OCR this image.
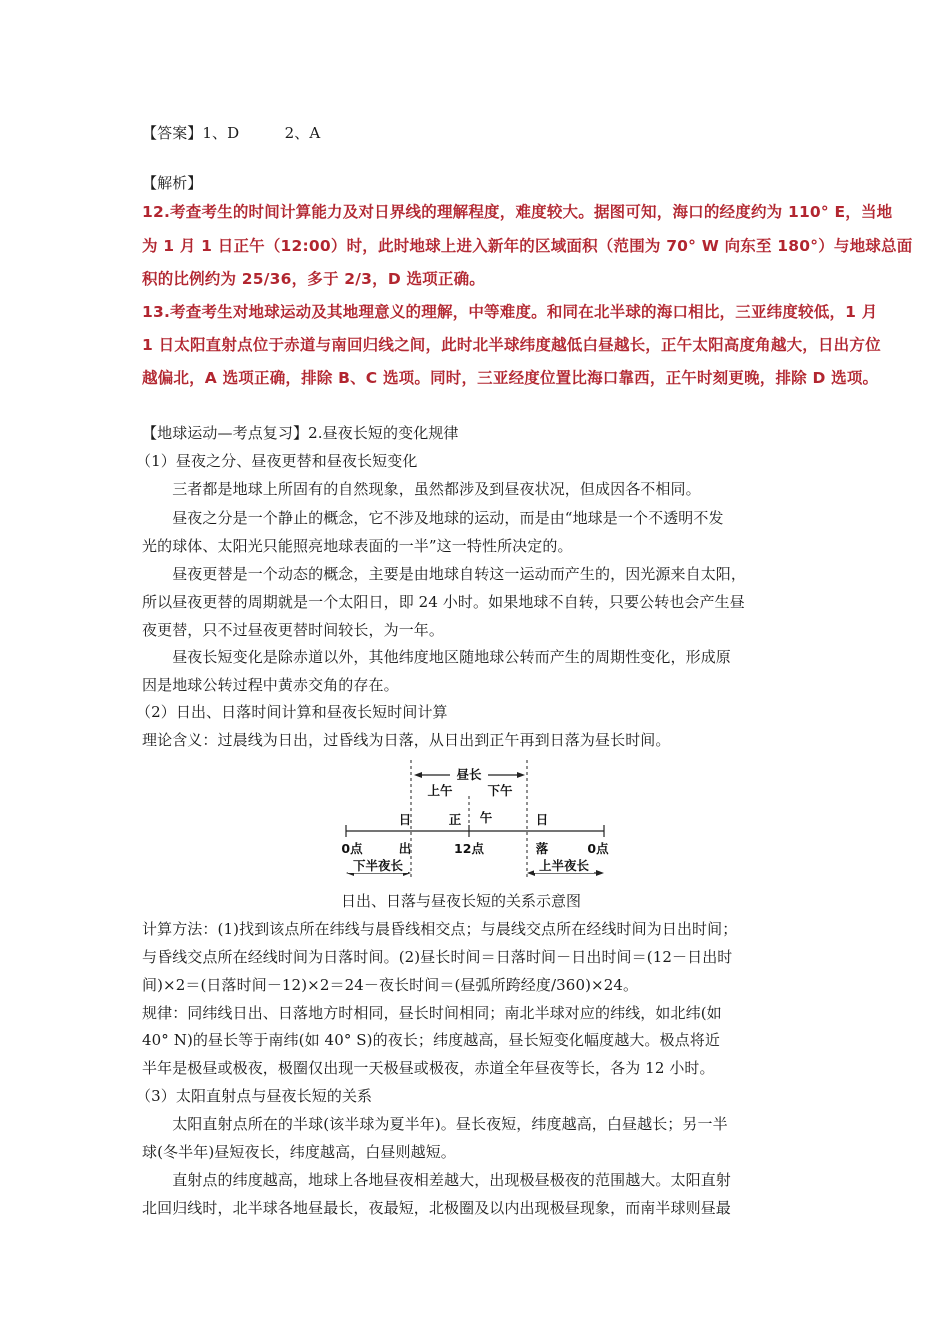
【答案】1、D　　　2、A
【解析】
12.考查考生的时间计算能力及对日界线的理解程度，难度较大。据图可知，海口的经度约为 110° E，当地
为 1 月 1 日正午（12:00）时，此时地球上进入新年的区域面积（范围为 70° W 向东至 180°）与地球总面
积的比例约为 25/36，多于 2/3，D 选项正确。
13.考查考生对地球运动及其地理意义的理解，中等难度。和同在北半球的海口相比，三亚纬度较低，1 月
1 日太阳直射点位于赤道与南回归线之间，此时北半球纬度越低白昼越长，正午太阳高度角越大，日出方位
越偏北，A 选项正确，排除 B、C 选项。同时，三亚经度位置比海口靠西，正午时刻更晚，排除 D 选项。
【地球运动—考点复习】2.昼夜长短的变化规律
（1）昼夜之分、昼夜更替和昼夜长短变化
　　三者都是地球上所固有的自然现象，虽然都涉及到昼夜状况，但成因各不相同。
　　昼夜之分是一个静止的概念，它不涉及地球的运动，而是由“地球是一个不透明不发
光的球体、太阳光只能照亮地球表面的一半”这一特性所决定的。
　　昼夜更替是一个动态的概念，主要是由地球自转这一运动而产生的，因光源来自太阳，
所以昼夜更替的周期就是一个太阳日，即 24 小时。如果地球不自转，只要公转也会产生昼
夜更替，只不过昼夜更替时间较长，为一年。
　　昼夜长短变化是除赤道以外，其他纬度地区随地球公转而产生的周期性变化，形成原
因是地球公转过程中黄赤交角的存在。
（2）日出、日落时间计算和昼夜长短时间计算
理论含义：过晨线为日出，过昏线为日落，从日出到正午再到日落为昼长时间。
昼长
上午	下午
日
出
正 午	日
落
0点	12点	0点
下半夜长	上半夜长
日出、日落与昼夜长短的关系示意图
计算方法：(1)找到该点所在纬线与晨昏线相交点；与晨线交点所在经线时间为日出时间；
与昏线交点所在经线时间为日落时间。(2)昼长时间＝日落时间－日出时间＝(12－日出时
间)×2＝(日落时间－12)×2＝24－夜长时间＝(昼弧所跨经度/360)×24。
规律：同纬线日出、日落地方时相同，昼长时间相同；南北半球对应的纬线，如北纬(如
40° N)的昼长等于南纬(如 40° S)的夜长；纬度越高，昼长短变化幅度越大。极点将近
半年是极昼或极夜，极圈仅出现一天极昼或极夜，赤道全年昼夜等长，各为 12 小时。
（3）太阳直射点与昼夜长短的关系
　　太阳直射点所在的半球(该半球为夏半年)。昼长夜短，纬度越高，白昼越长；另一半
球(冬半年)昼短夜长，纬度越高，白昼则越短。
　　直射点的纬度越高，地球上各地昼夜相差越大，出现极昼极夜的范围越大。太阳直射
北回归线时，北半球各地昼最长，夜最短，北极圈及以内出现极昼现象，而南半球则昼最
